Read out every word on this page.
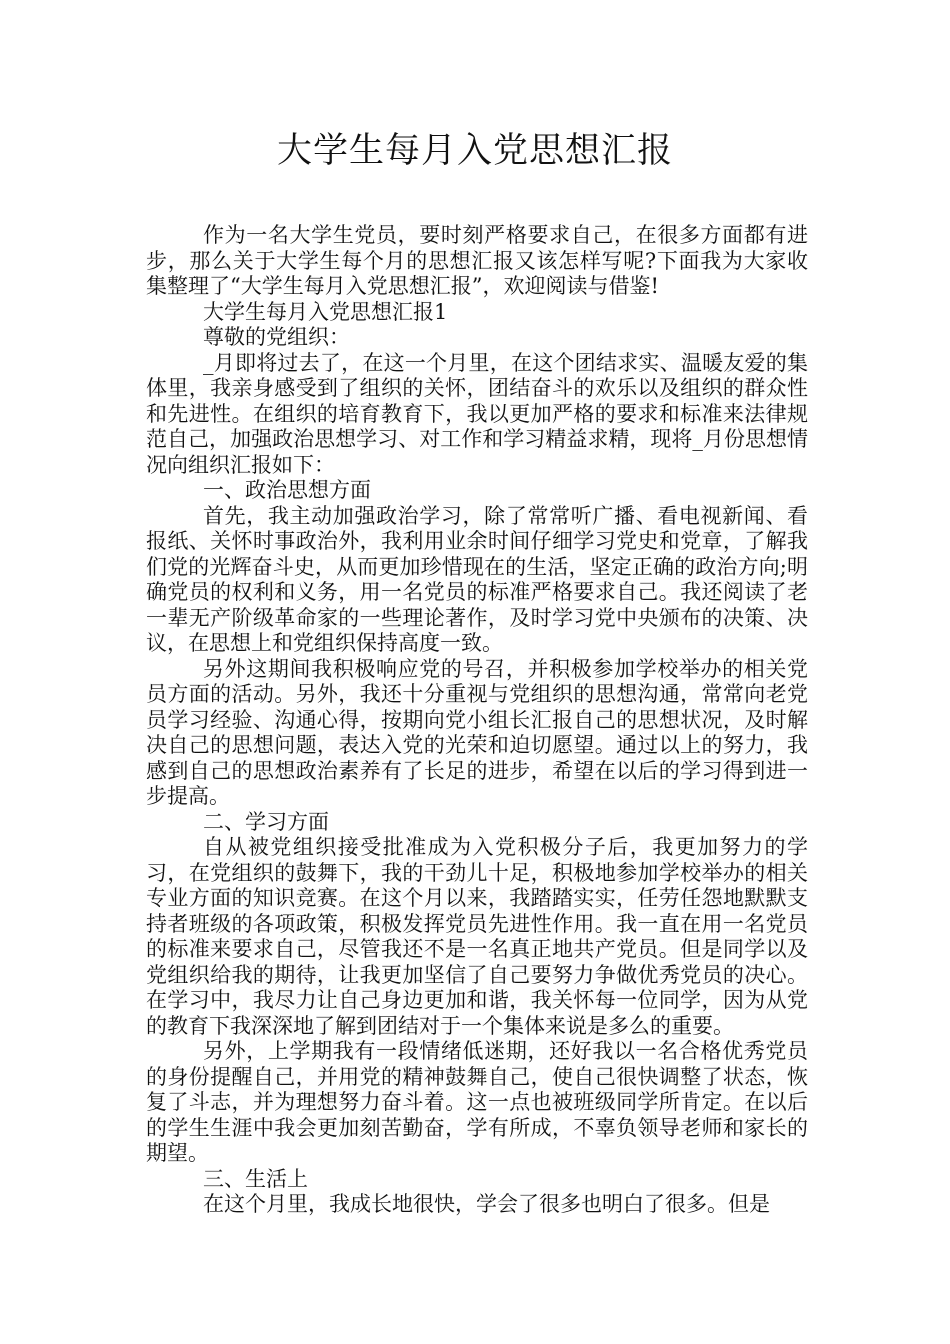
大学生每月入党思想汇报

作为一名大学生党员，要时刻严格要求自己，在很多方面都有进步，那么关于大学生每个月的思想汇报又该怎样写呢?下面我为大家收集整理了“大学生每月入党思想汇报”，欢迎阅读与借鉴!

大学生每月入党思想汇报1

尊敬的党组织：

_月即将过去了，在这一个月里，在这个团结求实、温暖友爱的集体里，我亲身感受到了组织的关怀，团结奋斗的欢乐以及组织的群众性和先进性。在组织的培育教育下，我以更加严格的要求和标准来法律规范自己，加强政治思想学习、对工作和学习精益求精，现将_月份思想情况向组织汇报如下：

一、政治思想方面

首先，我主动加强政治学习，除了常常听广播、看电视新闻、看报纸、关怀时事政治外，我利用业余时间仔细学习党史和党章，了解我们党的光辉奋斗史，从而更加珍惜现在的生活，坚定正确的政治方向;明确党员的权利和义务，用一名党员的标准严格要求自己。我还阅读了老一辈无产阶级革命家的一些理论著作，及时学习党中央颁布的决策、决议，在思想上和党组织保持高度一致。

另外这期间我积极响应党的号召，并积极参加学校举办的相关党员方面的活动。另外，我还十分重视与党组织的思想沟通，常常向老党员学习经验、沟通心得，按期向党小组长汇报自己的思想状况，及时解决自己的思想问题，表达入党的光荣和迫切愿望。通过以上的努力，我感到自己的思想政治素养有了长足的进步，希望在以后的学习得到进一步提高。

二、学习方面

自从被党组织接受批准成为入党积极分子后，我更加努力的学习，在党组织的鼓舞下，我的干劲儿十足，积极地参加学校举办的相关专业方面的知识竞赛。在这个月以来，我踏踏实实，任劳任怨地默默支持者班级的各项政策，积极发挥党员先进性作用。我一直在用一名党员的标准来要求自己，尽管我还不是一名真正地共产党员。但是同学以及党组织给我的期待，让我更加坚信了自己要努力争做优秀党员的决心。在学习中，我尽力让自己身边更加和谐，我关怀每一位同学，因为从党的教育下我深深地了解到团结对于一个集体来说是多么的重要。

另外，上学期我有一段情绪低迷期，还好我以一名合格优秀党员的身份提醒自己，并用党的精神鼓舞自己，使自己很快调整了状态，恢复了斗志，并为理想努力奋斗着。这一点也被班级同学所肯定。在以后的学生生涯中我会更加刻苦勤奋，学有所成，不辜负领导老师和家长的期望。

三、生活上

在这个月里，我成长地很快，学会了很多也明白了很多。但是
